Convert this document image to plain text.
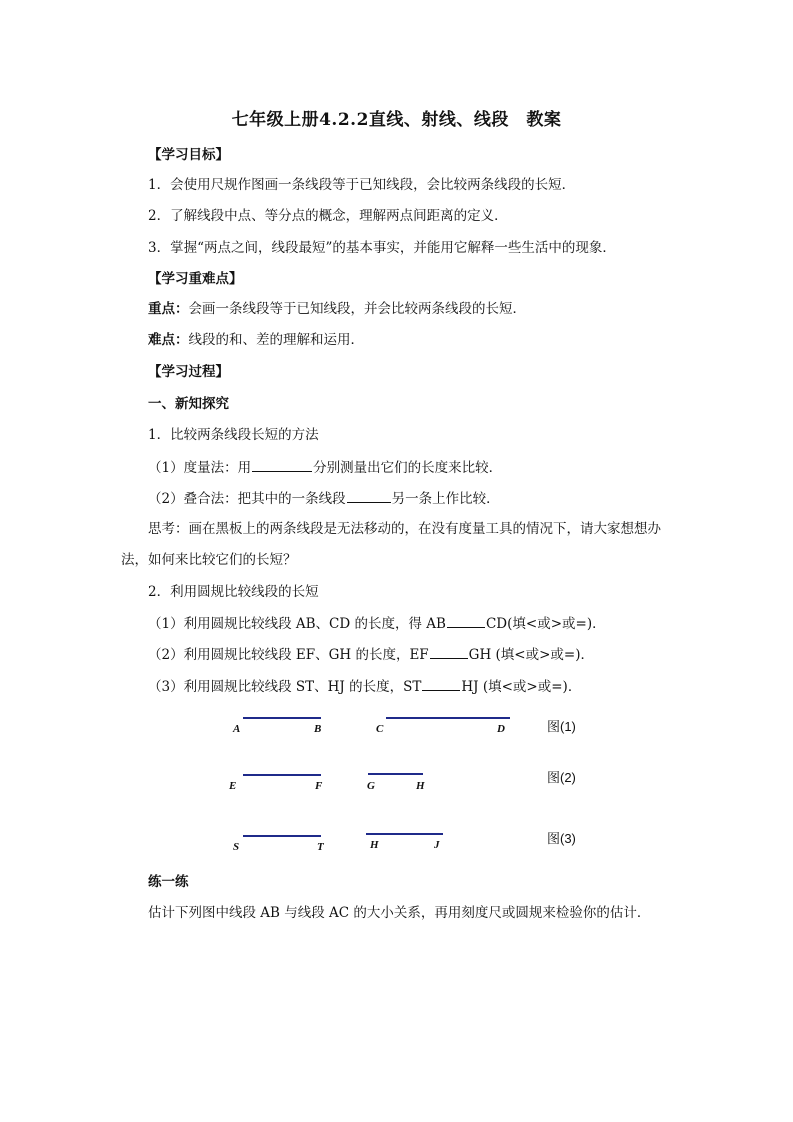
七年级上册4.2.2直线、射线、线段　教案
【学习目标】
1．会使用尺规作图画一条线段等于已知线段，会比较两条线段的长短．
2．了解线段中点、等分点的概念，理解两点间距离的定义．
3．掌握“两点之间，线段最短”的基本事实，并能用它解释一些生活中的现象．
【学习重难点】
重点：会画一条线段等于已知线段，并会比较两条线段的长短．
难点：线段的和、差的理解和运用．
【学习过程】
一、新知探究
1．比较两条线段长短的方法
（1）度量法：用	分别测量出它们的长度来比较．
（2）叠合法：把其中的一条线段	另一条上作比较．
思考：画在黑板上的两条线段是无法移动的，在没有度量工具的情况下，请大家想想办
法，如何来比较它们的长短？
2．利用圆规比较线段的长短
（1）利用圆规比较线段 AB、CD 的长度，得 AB	CD(填<或>或=)．
（2）利用圆规比较线段 EF、GH 的长度，EF	GH (填<或>或=)．
（3）利用圆规比较线段 ST、HJ 的长度，ST	HJ (填<或>或=)．
A	B	C	D	图(1)
E	F	G	H
图(2)
S	T	H	J	图(3)
练一练
估计下列图中线段 AB 与线段 AC 的大小关系，再用刻度尺或圆规来检验你的估计．
